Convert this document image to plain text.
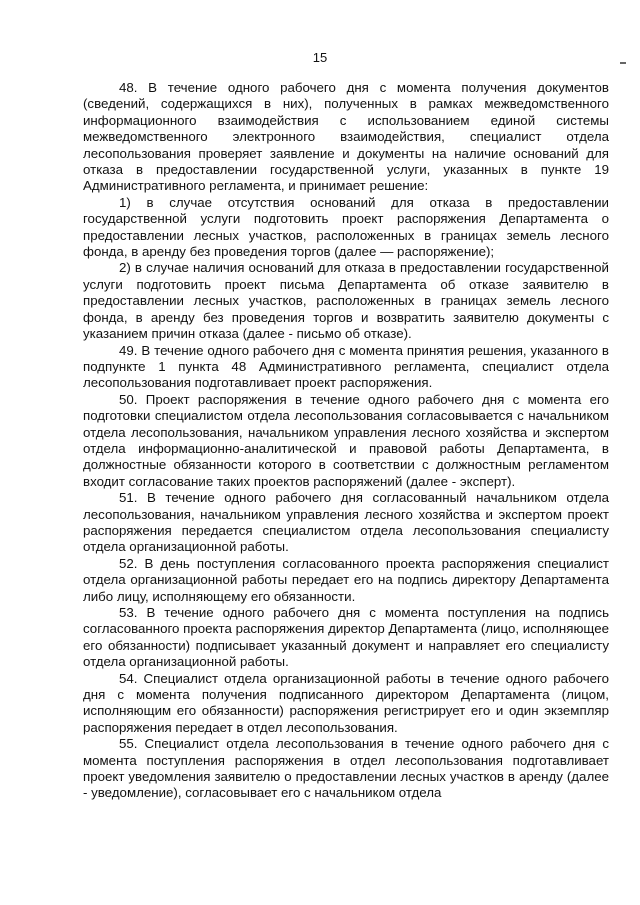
15

48. В течение одного рабочего дня с момента получения документов (сведений, содержащихся в них), полученных в рамках межведомственного информационного взаимодействия с использованием единой системы межведомственного электронного взаимодействия, специалист отдела лесопользования проверяет заявление и документы на наличие оснований для отказа в предоставлении государственной услуги, указанных в пункте 19 Административного регламента, и принимает решение:

1) в случае отсутствия оснований для отказа в предоставлении государственной услуги подготовить проект распоряжения Департамента о предоставлении лесных участков, расположенных в границах земель лесного фонда, в аренду без проведения торгов (далее — распоряжение);

2) в случае наличия оснований для отказа в предоставлении государственной услуги подготовить проект письма Департамента об отказе заявителю в предоставлении лесных участков, расположенных в границах земель лесного фонда, в аренду без проведения торгов и возвратить заявителю документы с указанием причин отказа (далее - письмо об отказе).

49. В течение одного рабочего дня с момента принятия решения, указанного в подпункте 1 пункта 48 Административного регламента, специалист отдела лесопользования подготавливает проект распоряжения.

50. Проект распоряжения в течение одного рабочего дня с момента его подготовки специалистом отдела лесопользования согласовывается с начальником отдела лесопользования, начальником управления лесного хозяйства и экспертом отдела информационно-аналитической и правовой работы Департамента, в должностные обязанности которого в соответствии с должностным регламентом входит согласование таких проектов распоряжений (далее - эксперт).

51. В течение одного рабочего дня согласованный начальником отдела лесопользования, начальником управления лесного хозяйства и экспертом проект распоряжения передается специалистом отдела лесопользования специалисту отдела организационной работы.

52. В день поступления согласованного проекта распоряжения специалист отдела организационной работы передает его на подпись директору Департамента либо лицу, исполняющему его обязанности.

53. В течение одного рабочего дня с момента поступления на подпись согласованного проекта распоряжения директор Департамента (лицо, исполняющее его обязанности) подписывает указанный документ и направляет его специалисту отдела организационной работы.

54. Специалист отдела организационной работы в течение одного рабочего дня с момента получения подписанного директором Департамента (лицом, исполняющим его обязанности) распоряжения регистрирует его и один экземпляр распоряжения передает в отдел лесопользования.

55. Специалист отдела лесопользования в течение одного рабочего дня с момента поступления распоряжения в отдел лесопользования подготавливает проект уведомления заявителю о предоставлении лесных участков в аренду (далее - уведомление), согласовывает его с начальником отдела
